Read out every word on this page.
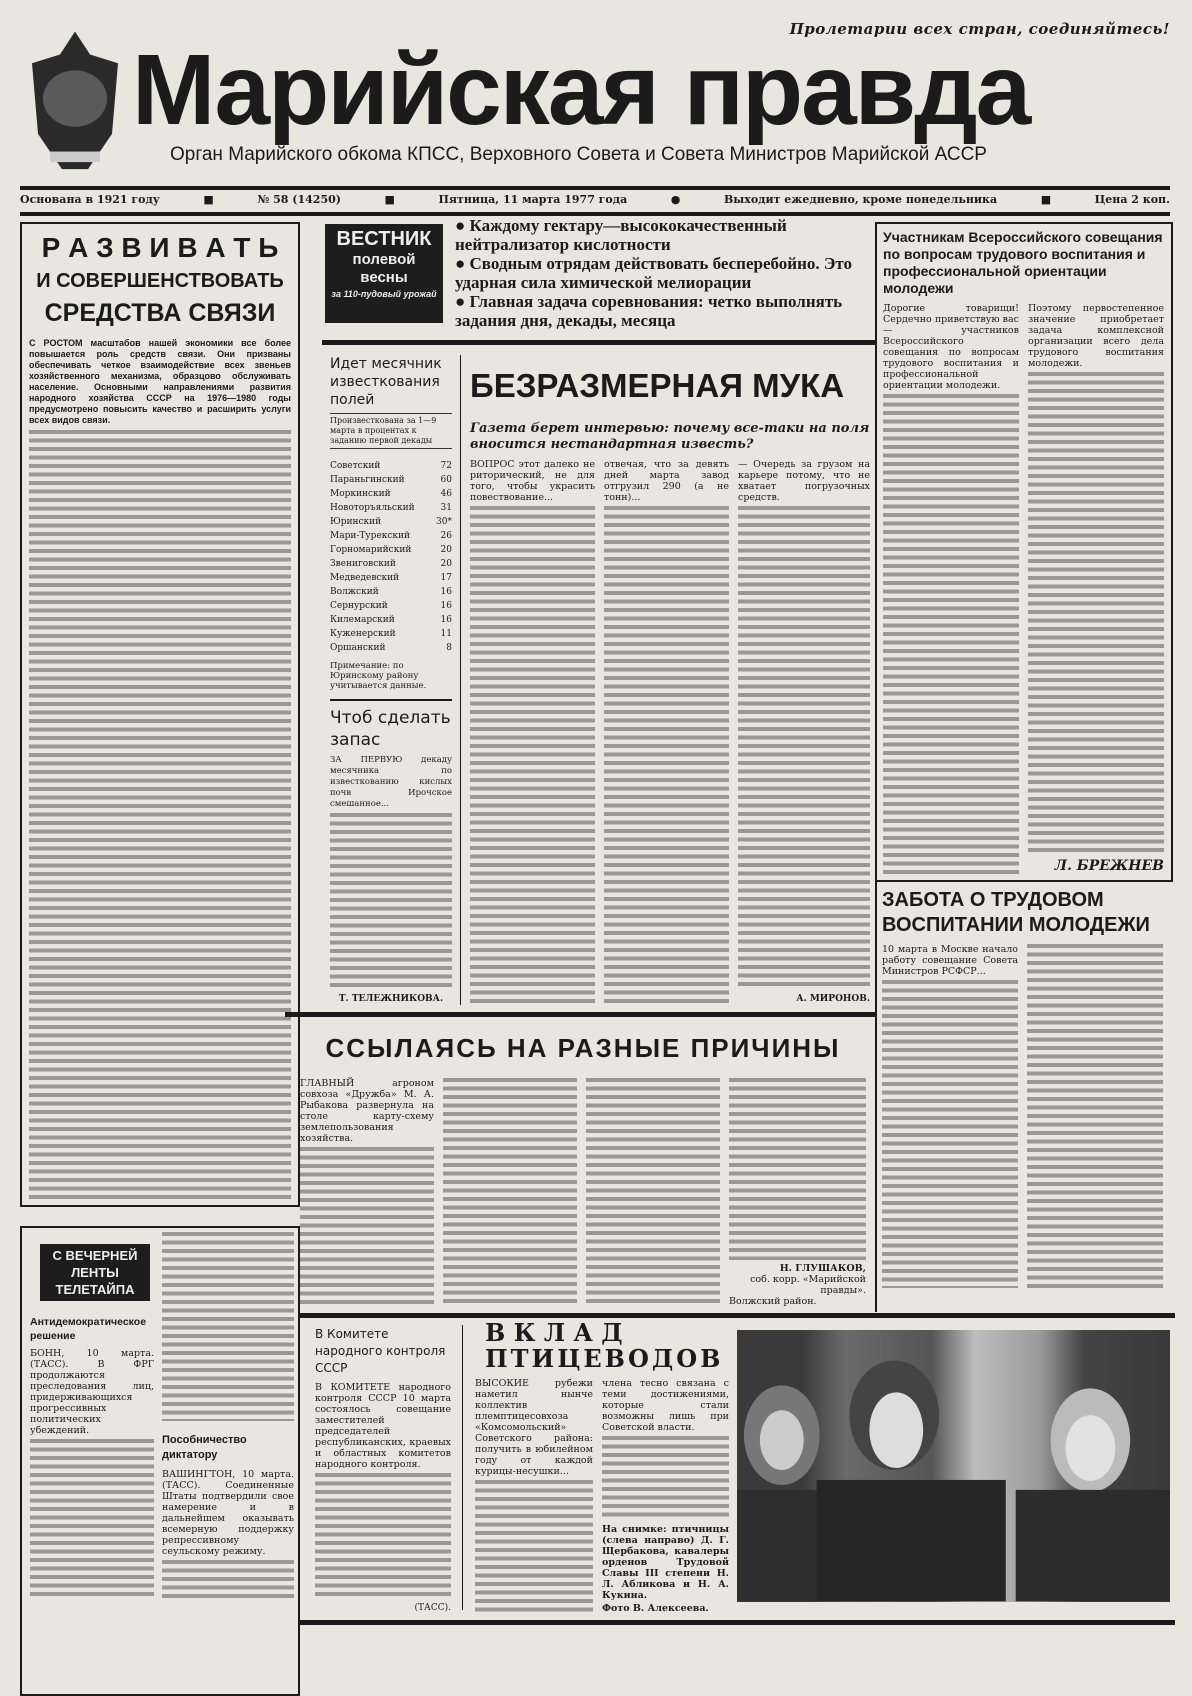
Пролетарии всех стран, соединяйтесь!
Марийская правда
Орган Марийского обкома КПСС, Верховного Совета и Совета Министров Марийской АССР
Основана в 1921 году	■	№ 58 (14250)	■	Пятница, 11 марта 1977 года	●	Выходит ежедневно, кроме понедельника	■	Цена 2 коп.
Р А З В И В А Т Ь
И СОВЕРШЕНСТВОВАТЬ
СРЕДСТВА СВЯЗИ
С РОСТОМ масштабов нашей экономики все более повышается роль средств связи. Они призваны обеспечивать четкое взаимодействие всех звеньев хозяйственного механизма, образцово обслуживать население. Основными направлениями развития народного хозяйства СССР на 1976—1980 годы предусмотрено повысить качество и расширить услуги всех видов связи.
ВЕСТНИК
полевой
весны
за 110-пудовый урожай
● Каждому гектару—высококачественный нейтрализатор кислотности
● Сводным отрядам действовать бесперебойно. Это ударная сила химической мелиорации
● Главная задача соревнования: четко выполнять задания дня, декады, месяца
Идет месячник известкования полей
Произвесткована за 1—9 марта в процентах к заданию первой декады
Советский	72
Параньгинский	60
Моркинский	46
Новоторъяльский	31
Юринский	30*
Мари-Турекский	26
Горномарийский	20
Звениговский	20
Медведевский	17
Волжский	16
Сернурский	16
Килемарский	16
Куженерский	11
Оршанский	8
Примечание: по Юринскому району учитывается данные.
Чтоб сделать запас
ЗА ПЕРВУЮ декаду месячника по известкованию кислых почв Ирочское смешанное...
Т. ТЕЛЕЖНИКОВА.
БЕЗРАЗМЕРНАЯ МУКА
Газета берет интервью: почему все-таки на поля вносится нестандартная известь?
ВОПРОС этот далеко не риторический, не для того, чтобы украсить повествование...
отвечая, что за девять дней марта завод отгрузил 290 (а не тонн)...
— Очередь за грузом на карьере потому, что не хватает погрузочных средств.
А. МИРОНОВ.
Участникам Всероссийского совещания по вопросам трудового воспитания и профессиональной ориентации молодежи
Дорогие товарищи! Сердечно приветствую вас — участников Всероссийского совещания по вопросам трудового воспитания и профессиональной ориентации молодежи.
Поэтому первостепенное значение приобретает задача комплексной организации всего дела трудового воспитания молодежи.
Л. БРЕЖНЕВ
ЗАБОТА О ТРУДОВОМ ВОСПИТАНИИ МОЛОДЕЖИ
10 марта в Москве начало работу совещание Совета Министров РСФСР...
ССЫЛАЯСЬ НА РАЗНЫЕ ПРИЧИНЫ
ГЛАВНЫЙ агроном совхоза «Дружба» М. А. Рыбакова развернула на столе карту-схему землепользования хозяйства.
Н. ГЛУШАКОВ,
соб. корр. «Марийской правды».
Волжский район.
С ВЕЧЕРНЕЙ ЛЕНТЫ ТЕЛЕТАЙПА
Антидемократическое решение
БОНН, 10 марта. (ТАСС). В ФРГ продолжаются преследования лиц, придерживающихся прогрессивных политических убеждений.
Пособничество диктатору
ВАШИНГТОН, 10 марта. (ТАСС). Соединенные Штаты подтвердили свое намерение и в дальнейшем оказывать всемерную поддержку репрессивному сеульскому режиму.
В Комитете народного контроля СССР
В КОМИТЕТЕ народного контроля СССР 10 марта состоялось совещание заместителей председателей республиканских, краевых и областных комитетов народного контроля.
(ТАСС).
В К Л А Д
ПТИЦЕВОДОВ
ВЫСОКИЕ рубежи наметил нынче коллектив племптицесовхоза «Комсомольский» Советского района: получить в юбилейном году от каждой курицы-несушки...
члена тесно связана с теми достижениями, которые стали возможны лишь при Советской власти.
На снимке: птичницы (слева направо) Д. Г. Щербакова, кавалеры орденов Трудовой Славы III степени Н. Л. Абликова и Н. А. Кукина.
Фото В. Алексеева.
